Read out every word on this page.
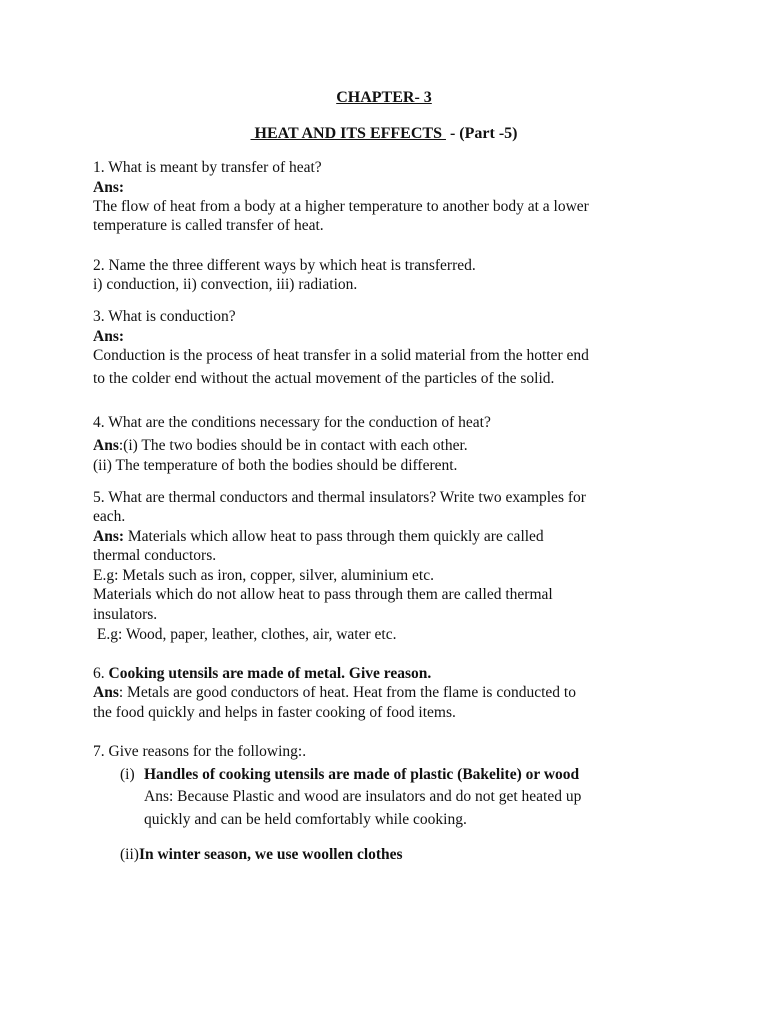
CHAPTER- 3
HEAT AND ITS EFFECTS  - (Part -5)
1. What is meant by transfer of heat?
Ans:
The flow of heat from a body at a higher temperature to another body at a lower
temperature is called transfer of heat.
2. Name the three different ways by which heat is transferred.
i) conduction, ii) convection, iii) radiation.
3. What is conduction?
Ans:
Conduction is the process of heat transfer in a solid material from the hotter end
to the colder end without the actual movement of the particles of the solid.
4. What are the conditions necessary for the conduction of heat?
Ans:(i) The two bodies should be in contact with each other.
(ii) The temperature of both the bodies should be different.
5. What are thermal conductors and thermal insulators? Write two examples for
each.
Ans: Materials which allow heat to pass through them quickly are called
thermal conductors.
E.g: Metals such as iron, copper, silver, aluminium etc.
Materials which do not allow heat to pass through them are called thermal
insulators.
E.g: Wood, paper, leather, clothes, air, water etc.
6. Cooking utensils are made of metal. Give reason.
Ans: Metals are good conductors of heat. Heat from the flame is conducted to
the food quickly and helps in faster cooking of food items.
7. Give reasons for the following:.
(i) Handles of cooking utensils are made of plastic (Bakelite) or wood
Ans: Because Plastic and wood are insulators and do not get heated up
quickly and can be held comfortably while cooking.
(ii)In winter season, we use woollen clothes
